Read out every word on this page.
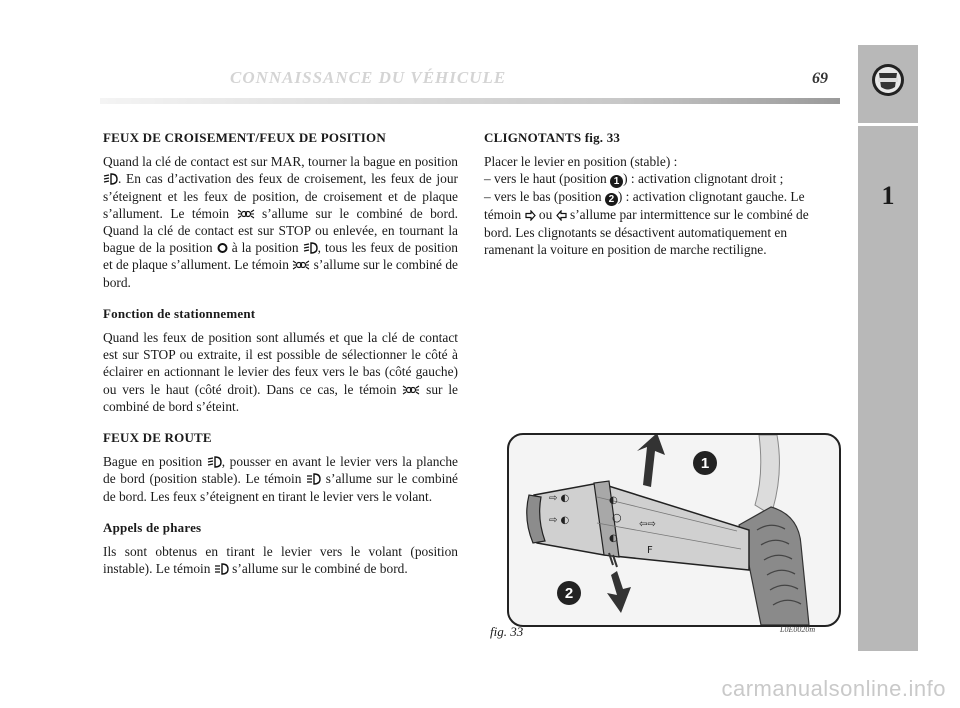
CONNAISSANCE DU VÉHICULE	69
1
FEUX DE CROISEMENT/FEUX DE POSITION
Quand la clé de contact est sur MAR, tourner la bague en position . En cas d’activation des feux de croisement, les feux de jour s’éteignent et les feux de position, de croisement et de plaque s’allument. Le témoin  s’allume sur le combiné de bord. Quand la clé de contact est sur STOP ou enlevée, en tournant la bague de la position  à la position , tous les feux de position et de plaque s’allument. Le témoin  s’allume sur le combiné de bord.
Fonction de stationnement
Quand les feux de position sont allumés et que la clé de contact est sur STOP ou extraite, il est possible de sélectionner le côté à éclairer en actionnant le levier des feux vers le bas (côté gauche) ou vers le haut (côté droit). Dans ce cas, le témoin  sur le combiné de bord s’éteint.
FEUX DE ROUTE
Bague en position , pousser en avant le levier vers la planche de bord (position stable). Le témoin  s’allume sur le combiné de bord. Les feux s’éteignent en tirant le levier vers le volant.
Appels de phares
Ils sont obtenus en tirant le levier vers le volant (position instable). Le témoin  s’allume sur le combiné de bord.
CLIGNOTANTS fig. 33
Placer le levier en position (stable) :
– vers le haut (position 1 ) : activation clignotant droit ;
– vers le bas (position 2 ) : activation clignotant gauche. Le témoin  ou  s’allume par intermittence sur le combiné de bord. Les clignotants se désactivent automatiquement en ramenant la voiture en position de marche rectiligne.
⇨ ◐
⇨ ◐
◐
○
◐
⇦⇨
F
1
2
fig. 33	L0E0020m
carmanualsonline.info
